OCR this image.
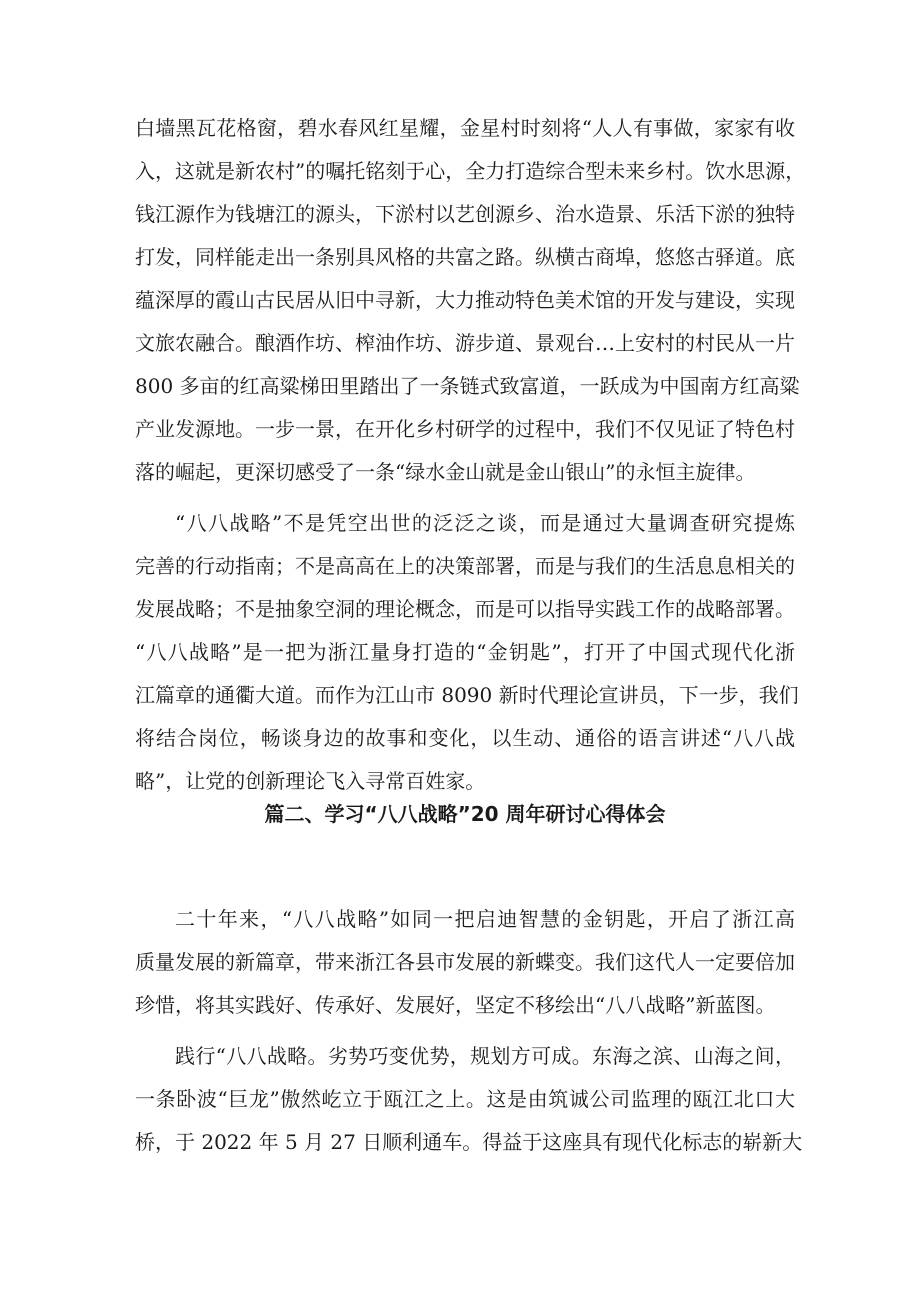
白墙黑瓦花格窗，碧水春风红星耀，金星村时刻将“人人有事做，家家有收
入，这就是新农村”的嘱托铭刻于心，全力打造综合型未来乡村。饮水思源，
钱江源作为钱塘江的源头，下淤村以艺创源乡、治水造景、乐活下淤的独特
打发，同样能走出一条别具风格的共富之路。纵横古商埠，悠悠古驿道。底
蕴深厚的霞山古民居从旧中寻新，大力推动特色美术馆的开发与建设，实现
文旅农融合。酿酒作坊、榨油作坊、游步道、景观台…上安村的村民从一片
800 多亩的红高粱梯田里踏出了一条链式致富道，一跃成为中国南方红高粱
产业发源地。一步一景，在开化乡村研学的过程中，我们不仅见证了特色村
落的崛起，更深切感受了一条“绿水金山就是金山银山”的永恒主旋律。
“八八战略”不是凭空出世的泛泛之谈，而是通过大量调查研究提炼
完善的行动指南；不是高高在上的决策部署，而是与我们的生活息息相关的
发展战略；不是抽象空洞的理论概念，而是可以指导实践工作的战略部署。
“八八战略”是一把为浙江量身打造的“金钥匙”，打开了中国式现代化浙
江篇章的通衢大道。而作为江山市 8090 新时代理论宣讲员，下一步，我们
将结合岗位，畅谈身边的故事和变化，以生动、通俗的语言讲述“八八战
略”，让党的创新理论飞入寻常百姓家。
篇二、学习“八八战略”20 周年研讨心得体会
二十年来，“八八战略”如同一把启迪智慧的金钥匙，开启了浙江高
质量发展的新篇章，带来浙江各县市发展的新蝶变。我们这代人一定要倍加
珍惜，将其实践好、传承好、发展好，坚定不移绘出“八八战略”新蓝图。
践行“八八战略。劣势巧变优势，规划方可成。东海之滨、山海之间，
一条卧波“巨龙”傲然屹立于瓯江之上。这是由筑诚公司监理的瓯江北口大
桥，于 2022 年 5 月 27 日顺利通车。得益于这座具有现代化标志的崭新大
